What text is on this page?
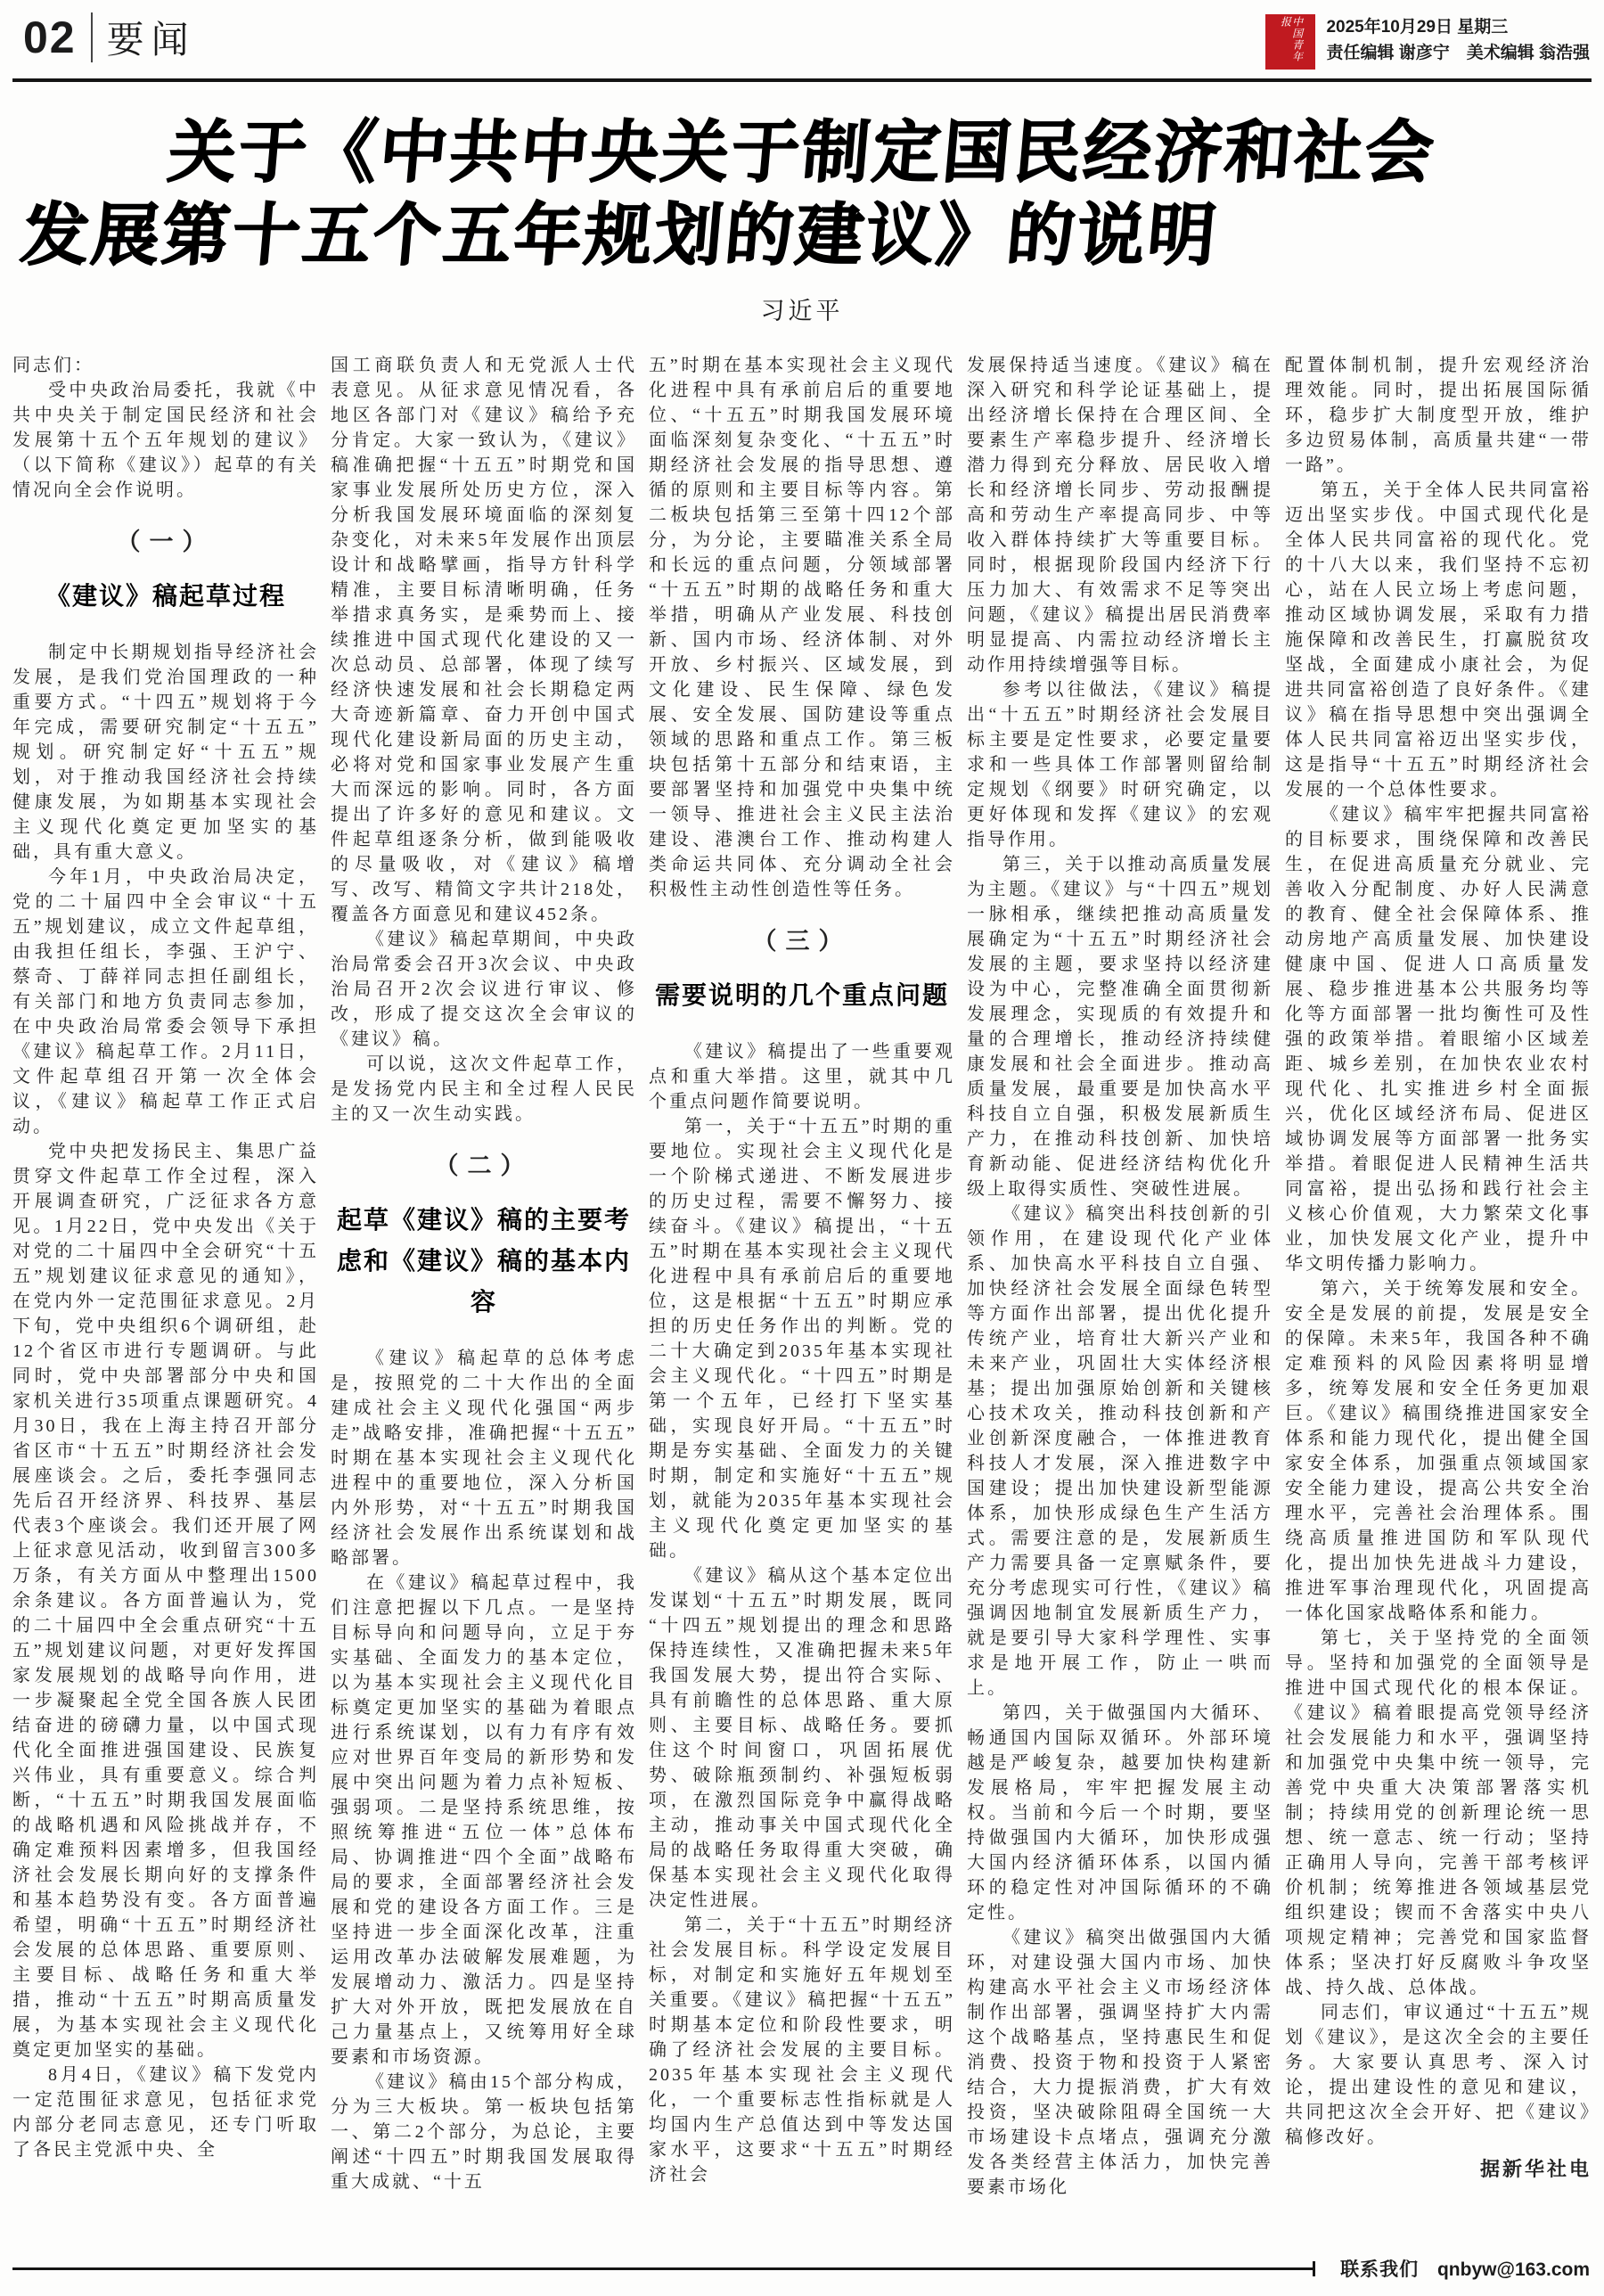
02 要闻	中国青年报	2025年10月29日 星期三
责任编辑 谢彦宁　美术编辑 翁浩强
关于《中共中央关于制定国民经济和社会
发展第十五个五年规划的建议》的说明
习近平
同志们：
受中央政治局委托，我就《中共中央关于制定国民经济和社会发展第十五个五年规划的建议》（以下简称《建议》）起草的有关情况向全会作说明。
（一）
《建议》稿起草过程
制定中长期规划指导经济社会发展，是我们党治国理政的一种重要方式。“十四五”规划将于今年完成，需要研究制定“十五五”规划。研究制定好“十五五”规划，对于推动我国经济社会持续健康发展，为如期基本实现社会主义现代化奠定更加坚实的基础，具有重大意义。
今年1月，中央政治局决定，党的二十届四中全会审议“十五五”规划建议，成立文件起草组，由我担任组长，李强、王沪宁、蔡奇、丁薛祥同志担任副组长，有关部门和地方负责同志参加，在中央政治局常委会领导下承担《建议》稿起草工作。2月11日，文件起草组召开第一次全体会议，《建议》稿起草工作正式启动。
党中央把发扬民主、集思广益贯穿文件起草工作全过程，深入开展调查研究，广泛征求各方意见。1月22日，党中央发出《关于对党的二十届四中全会研究“十五五”规划建议征求意见的通知》，在党内外一定范围征求意见。2月下旬，党中央组织6个调研组，赴12个省区市进行专题调研。与此同时，党中央部署部分中央和国家机关进行35项重点课题研究。4月30日，我在上海主持召开部分省区市“十五五”时期经济社会发展座谈会。之后，委托李强同志先后召开经济界、科技界、基层代表3个座谈会。我们还开展了网上征求意见活动，收到留言300多万条，有关方面从中整理出1500余条建议。各方面普遍认为，党的二十届四中全会重点研究“十五五”规划建议问题，对更好发挥国家发展规划的战略导向作用，进一步凝聚起全党全国各族人民团结奋进的磅礴力量，以中国式现代化全面推进强国建设、民族复兴伟业，具有重要意义。综合判断，“十五五”时期我国发展面临的战略机遇和风险挑战并存，不确定难预料因素增多，但我国经济社会发展长期向好的支撑条件和基本趋势没有变。各方面普遍希望，明确“十五五”时期经济社会发展的总体思路、重要原则、主要目标、战略任务和重大举措，推动“十五五”时期高质量发展，为基本实现社会主义现代化奠定更加坚实的基础。
8月4日，《建议》稿下发党内一定范围征求意见，包括征求党内部分老同志意见，还专门听取了各民主党派中央、全
国工商联负责人和无党派人士代表意见。从征求意见情况看，各地区各部门对《建议》稿给予充分肯定。大家一致认为，《建议》稿准确把握“十五五”时期党和国家事业发展所处历史方位，深入分析我国发展环境面临的深刻复杂变化，对未来5年发展作出顶层设计和战略擘画，指导方针科学精准，主要目标清晰明确，任务举措求真务实，是乘势而上、接续推进中国式现代化建设的又一次总动员、总部署，体现了续写经济快速发展和社会长期稳定两大奇迹新篇章、奋力开创中国式现代化建设新局面的历史主动，必将对党和国家事业发展产生重大而深远的影响。同时，各方面提出了许多好的意见和建议。文件起草组逐条分析，做到能吸收的尽量吸收，对《建议》稿增写、改写、精简文字共计218处，覆盖各方面意见和建议452条。
《建议》稿起草期间，中央政治局常委会召开3次会议、中央政治局召开2次会议进行审议、修改，形成了提交这次全会审议的《建议》稿。
可以说，这次文件起草工作，是发扬党内民主和全过程人民民主的又一次生动实践。
（二）
起草《建议》稿的主要考虑和《建议》稿的基本内容
《建议》稿起草的总体考虑是，按照党的二十大作出的全面建成社会主义现代化强国“两步走”战略安排，准确把握“十五五”时期在基本实现社会主义现代化进程中的重要地位，深入分析国内外形势，对“十五五”时期我国经济社会发展作出系统谋划和战略部署。
在《建议》稿起草过程中，我们注意把握以下几点。一是坚持目标导向和问题导向，立足于夯实基础、全面发力的基本定位，以为基本实现社会主义现代化目标奠定更加坚实的基础为着眼点进行系统谋划，以有力有序有效应对世界百年变局的新形势和发展中突出问题为着力点补短板、强弱项。二是坚持系统思维，按照统筹推进“五位一体”总体布局、协调推进“四个全面”战略布局的要求，全面部署经济社会发展和党的建设各方面工作。三是坚持进一步全面深化改革，注重运用改革办法破解发展难题，为发展增动力、激活力。四是坚持扩大对外开放，既把发展放在自己力量基点上，又统筹用好全球要素和市场资源。
《建议》稿由15个部分构成，分为三大板块。第一板块包括第一、第二2个部分，为总论，主要阐述“十四五”时期我国发展取得重大成就、“十五
五”时期在基本实现社会主义现代化进程中具有承前启后的重要地位、“十五五”时期我国发展环境面临深刻复杂变化、“十五五”时期经济社会发展的指导思想、遵循的原则和主要目标等内容。第二板块包括第三至第十四12个部分，为分论，主要瞄准关系全局和长远的重点问题，分领域部署“十五五”时期的战略任务和重大举措，明确从产业发展、科技创新、国内市场、经济体制、对外开放、乡村振兴、区域发展，到文化建设、民生保障、绿色发展、安全发展、国防建设等重点领域的思路和重点工作。第三板块包括第十五部分和结束语，主要部署坚持和加强党中央集中统一领导、推进社会主义民主法治建设、港澳台工作、推动构建人类命运共同体、充分调动全社会积极性主动性创造性等任务。
（三）
需要说明的几个重点问题
《建议》稿提出了一些重要观点和重大举措。这里，就其中几个重点问题作简要说明。
第一，关于“十五五”时期的重要地位。实现社会主义现代化是一个阶梯式递进、不断发展进步的历史过程，需要不懈努力、接续奋斗。《建议》稿提出，“十五五”时期在基本实现社会主义现代化进程中具有承前启后的重要地位，这是根据“十五五”时期应承担的历史任务作出的判断。党的二十大确定到2035年基本实现社会主义现代化。“十四五”时期是第一个五年，已经打下坚实基础，实现良好开局。“十五五”时期是夯实基础、全面发力的关键时期，制定和实施好“十五五”规划，就能为2035年基本实现社会主义现代化奠定更加坚实的基础。
《建议》稿从这个基本定位出发谋划“十五五”时期发展，既同“十四五”规划提出的理念和思路保持连续性，又准确把握未来5年我国发展大势，提出符合实际、具有前瞻性的总体思路、重大原则、主要目标、战略任务。要抓住这个时间窗口，巩固拓展优势、破除瓶颈制约、补强短板弱项，在激烈国际竞争中赢得战略主动，推动事关中国式现代化全局的战略任务取得重大突破，确保基本实现社会主义现代化取得决定性进展。
第二，关于“十五五”时期经济社会发展目标。科学设定发展目标，对制定和实施好五年规划至关重要。《建议》稿把握“十五五”时期基本定位和阶段性要求，明确了经济社会发展的主要目标。2035年基本实现社会主义现代化，一个重要标志性指标就是人均国内生产总值达到中等发达国家水平，这要求“十五五”时期经济社会
发展保持适当速度。《建议》稿在深入研究和科学论证基础上，提出经济增长保持在合理区间、全要素生产率稳步提升、经济增长潜力得到充分释放、居民收入增长和经济增长同步、劳动报酬提高和劳动生产率提高同步、中等收入群体持续扩大等重要目标。同时，根据现阶段国内经济下行压力加大、有效需求不足等突出问题，《建议》稿提出居民消费率明显提高、内需拉动经济增长主动作用持续增强等目标。
参考以往做法，《建议》稿提出“十五五”时期经济社会发展目标主要是定性要求，必要定量要求和一些具体工作部署则留给制定规划《纲要》时研究确定，以更好体现和发挥《建议》的宏观指导作用。
第三，关于以推动高质量发展为主题。《建议》与“十四五”规划一脉相承，继续把推动高质量发展确定为“十五五”时期经济社会发展的主题，要求坚持以经济建设为中心，完整准确全面贯彻新发展理念，实现质的有效提升和量的合理增长，推动经济持续健康发展和社会全面进步。推动高质量发展，最重要是加快高水平科技自立自强，积极发展新质生产力，在推动科技创新、加快培育新动能、促进经济结构优化升级上取得实质性、突破性进展。
《建议》稿突出科技创新的引领作用，在建设现代化产业体系、加快高水平科技自立自强、加快经济社会发展全面绿色转型等方面作出部署，提出优化提升传统产业，培育壮大新兴产业和未来产业，巩固壮大实体经济根基；提出加强原始创新和关键核心技术攻关，推动科技创新和产业创新深度融合，一体推进教育科技人才发展，深入推进数字中国建设；提出加快建设新型能源体系，加快形成绿色生产生活方式。需要注意的是，发展新质生产力需要具备一定禀赋条件，要充分考虑现实可行性，《建议》稿强调因地制宜发展新质生产力，就是要引导大家科学理性、实事求是地开展工作，防止一哄而上。
第四，关于做强国内大循环、畅通国内国际双循环。外部环境越是严峻复杂，越要加快构建新发展格局，牢牢把握发展主动权。当前和今后一个时期，要坚持做强国内大循环，加快形成强大国内经济循环体系，以国内循环的稳定性对冲国际循环的不确定性。
《建议》稿突出做强国内大循环，对建设强大国内市场、加快构建高水平社会主义市场经济体制作出部署，强调坚持扩大内需这个战略基点，坚持惠民生和促消费、投资于物和投资于人紧密结合，大力提振消费，扩大有效投资，坚决破除阻碍全国统一大市场建设卡点堵点，强调充分激发各类经营主体活力，加快完善要素市场化
配置体制机制，提升宏观经济治理效能。同时，提出拓展国际循环，稳步扩大制度型开放，维护多边贸易体制，高质量共建“一带一路”。
第五，关于全体人民共同富裕迈出坚实步伐。中国式现代化是全体人民共同富裕的现代化。党的十八大以来，我们坚持不忘初心，站在人民立场上考虑问题，推动区域协调发展，采取有力措施保障和改善民生，打赢脱贫攻坚战，全面建成小康社会，为促进共同富裕创造了良好条件。《建议》稿在指导思想中突出强调全体人民共同富裕迈出坚实步伐，这是指导“十五五”时期经济社会发展的一个总体性要求。
《建议》稿牢牢把握共同富裕的目标要求，围绕保障和改善民生，在促进高质量充分就业、完善收入分配制度、办好人民满意的教育、健全社会保障体系、推动房地产高质量发展、加快建设健康中国、促进人口高质量发展、稳步推进基本公共服务均等化等方面部署一批均衡性可及性强的政策举措。着眼缩小区域差距、城乡差别，在加快农业农村现代化、扎实推进乡村全面振兴，优化区域经济布局、促进区域协调发展等方面部署一批务实举措。着眼促进人民精神生活共同富裕，提出弘扬和践行社会主义核心价值观，大力繁荣文化事业，加快发展文化产业，提升中华文明传播力影响力。
第六，关于统筹发展和安全。安全是发展的前提，发展是安全的保障。未来5年，我国各种不确定难预料的风险因素将明显增多，统筹发展和安全任务更加艰巨。《建议》稿围绕推进国家安全体系和能力现代化，提出健全国家安全体系，加强重点领域国家安全能力建设，提高公共安全治理水平，完善社会治理体系。围绕高质量推进国防和军队现代化，提出加快先进战斗力建设，推进军事治理现代化，巩固提高一体化国家战略体系和能力。
第七，关于坚持党的全面领导。坚持和加强党的全面领导是推进中国式现代化的根本保证。《建议》稿着眼提高党领导经济社会发展能力和水平，强调坚持和加强党中央集中统一领导，完善党中央重大决策部署落实机制；持续用党的创新理论统一思想、统一意志、统一行动；坚持正确用人导向，完善干部考核评价机制；统筹推进各领域基层党组织建设；锲而不舍落实中央八项规定精神；完善党和国家监督体系；坚决打好反腐败斗争攻坚战、持久战、总体战。
同志们，审议通过“十五五”规划《建议》，是这次全会的主要任务。大家要认真思考、深入讨论，提出建设性的意见和建议，共同把这次全会开好、把《建议》稿修改好。
据新华社电
联系我们 qnbyw@163.com
